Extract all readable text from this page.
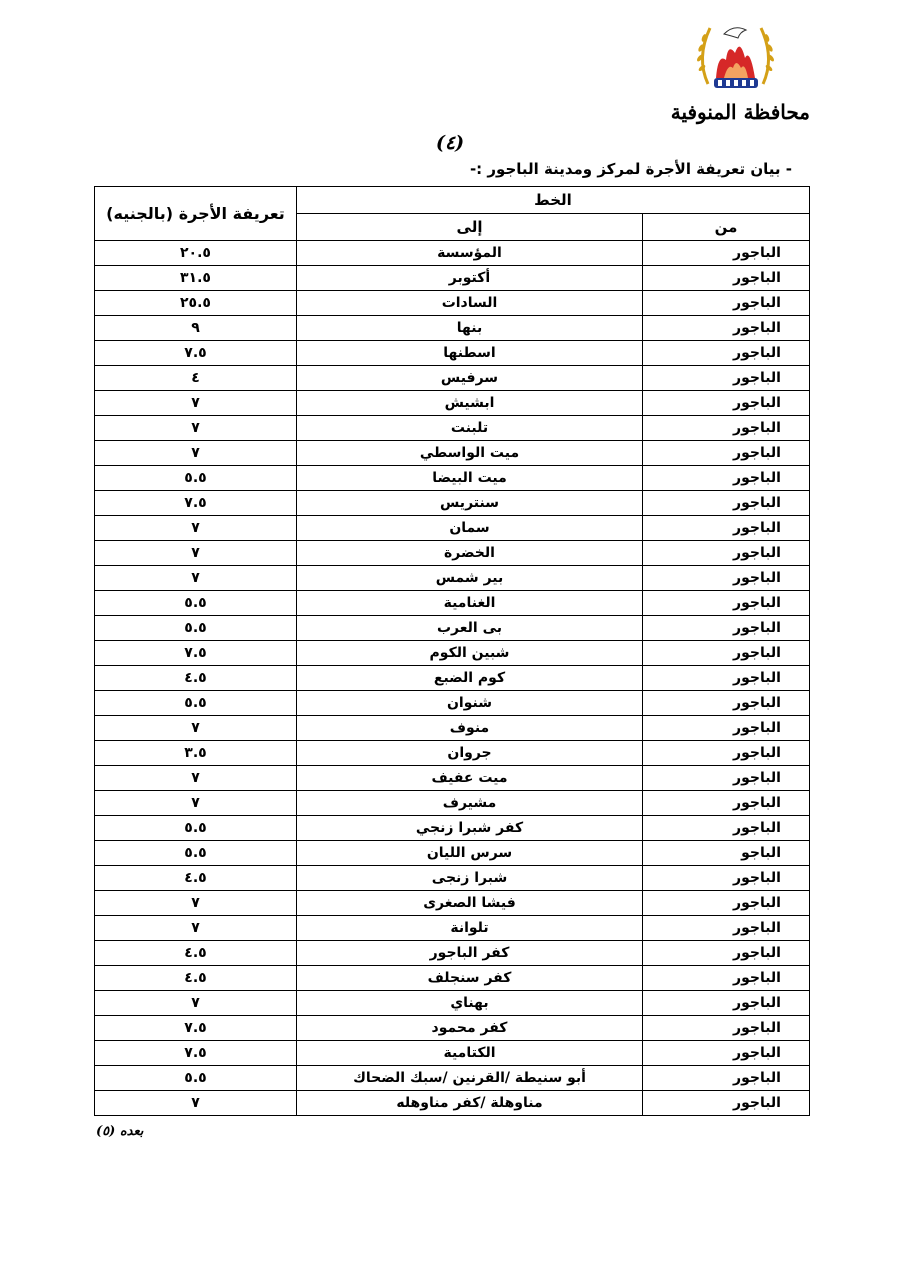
محافظة المنوفية
(٤)
- بيان تعريفة الأجرة لمركز ومدينة الباجور :-
الخط		تعريفة الأجرة (بالجنيه)
من	إلى	
الباجور	المؤسسة	٢٠.٥
الباجور	أكتوبر	٣١.٥
الباجور	السادات	٢٥.٥
الباجور	بنها	٩
الباجور	اسطنها	٧.٥
الباجور	سرفيس	٤
الباجور	ابشيش	٧
الباجور	تلبنت	٧
الباجور	ميت الواسطي	٧
الباجور	ميت البيضا	٥.٥
الباجور	سنتريس	٧.٥
الباجور	سمان	٧
الباجور	الخضرة	٧
الباجور	بير شمس	٧
الباجور	الغنامية	٥.٥
الباجور	بى العرب	٥.٥
الباجور	شبين الكوم	٧.٥
الباجور	كوم الضبع	٤.٥
الباجور	شنوان	٥.٥
الباجور	منوف	٧
الباجور	جروان	٣.٥
الباجور	ميت عفيف	٧
الباجور	مشيرف	٧
الباجور	كفر شبرا زنجي	٥.٥
الباجو	سرس الليان	٥.٥
الباجور	شبرا زنجى	٤.٥
الباجور	فيشا الصغرى	٧
الباجور	تلوانة	٧
الباجور	كفر الباجور	٤.٥
الباجور	كفر سنجلف	٤.٥
الباجور	بهناي	٧
الباجور	كفر محمود	٧.٥
الباجور	الكتامية	٧.٥
الباجور	أبو سنيطة /القرنين /سبك الضحاك	٥.٥
الباجور	مناوهلة /كفر مناوهله	٧
بعده (٥)
